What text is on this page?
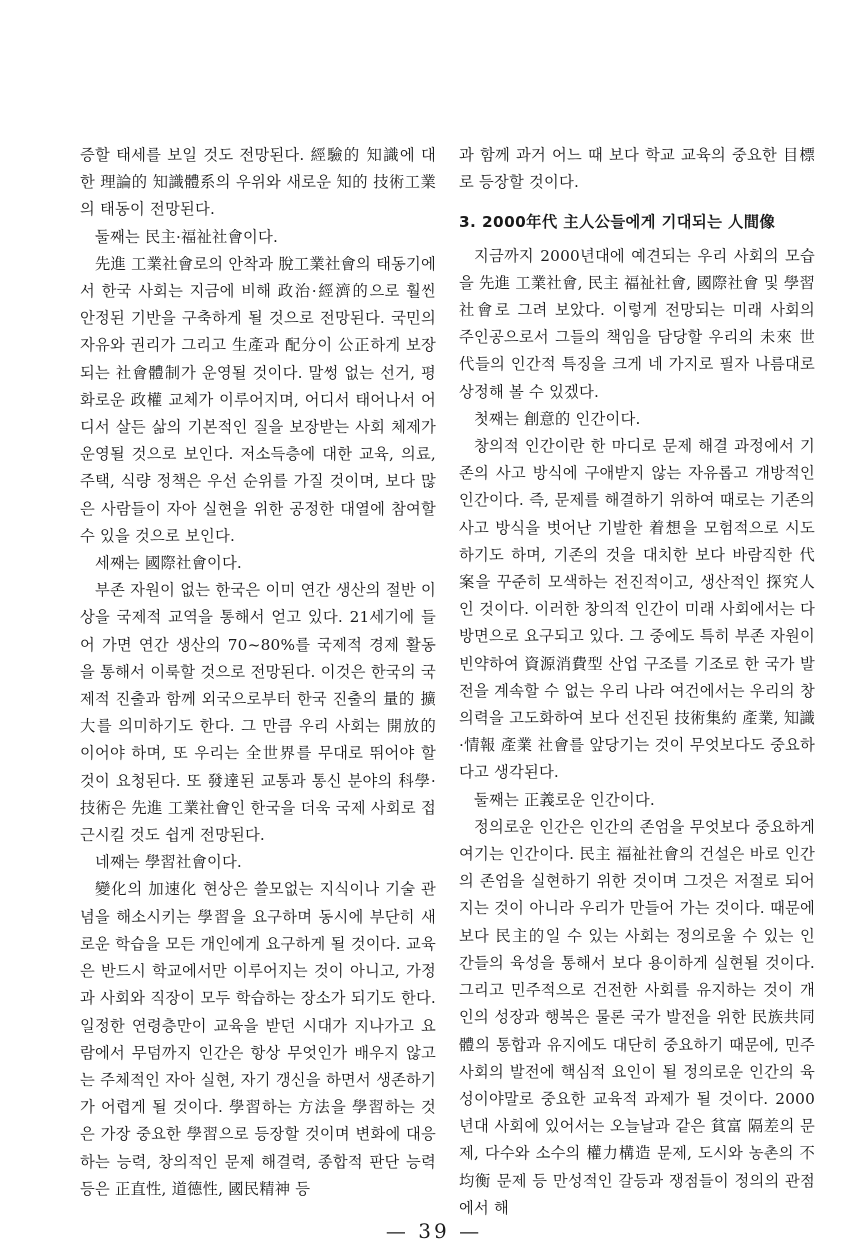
증할 태세를 보일 것도 전망된다. 經驗的 知識에 대한 理論的 知識體系의 우위와 새로운 知的 技術工業의 태동이 전망된다.

둘째는 民主·福祉社會이다.

先進 工業社會로의 안착과 脫工業社會의 태동기에서 한국 사회는 지금에 비해 政治·經濟的으로 훨씬 안정된 기반을 구축하게 될 것으로 전망된다. 국민의 자유와 권리가 그리고 生產과 配分이 公正하게 보장되는 社會體制가 운영될 것이다. 말썽 없는 선거, 평화로운 政權 교체가 이루어지며, 어디서 태어나서 어디서 살든 삶의 기본적인 질을 보장받는 사회 체제가 운영될 것으로 보인다. 저소득층에 대한 교육, 의료, 주택, 식량 정책은 우선 순위를 가질 것이며, 보다 많은 사람들이 자아 실현을 위한 공정한 대열에 참여할 수 있을 것으로 보인다.

세째는 國際社會이다.

부존 자원이 없는 한국은 이미 연간 생산의 절반 이상을 국제적 교역을 통해서 얻고 있다. 21세기에 들어 가면 연간 생산의 70~80%를 국제적 경제 활동을 통해서 이룩할 것으로 전망된다. 이것은 한국의 국제적 진출과 함께 외국으로부터 한국 진출의 量的 擴大를 의미하기도 한다. 그 만큼 우리 사회는 開放的이어야 하며, 또 우리는 全世界를 무대로 뛰어야 할 것이 요청된다. 또 發達된 교통과 통신 분야의 科學·技術은 先進 工業社會인 한국을 더욱 국제 사회로 접근시킬 것도 쉽게 전망된다.

네째는 學習社會이다.

變化의 加速化 현상은 쓸모없는 지식이나 기술 관념을 해소시키는 學習을 요구하며 동시에 부단히 새로운 학습을 모든 개인에게 요구하게 될 것이다. 교육은 반드시 학교에서만 이루어지는 것이 아니고, 가정과 사회와 직장이 모두 학습하는 장소가 되기도 한다. 일정한 연령층만이 교육을 받던 시대가 지나가고 요람에서 무덤까지 인간은 항상 무엇인가 배우지 않고는 주체적인 자아 실현, 자기 갱신을 하면서 생존하기가 어렵게 될 것이다. 學習하는 方法을 學習하는 것은 가장 중요한 學習으로 등장할 것이며 변화에 대응하는 능력, 창의적인 문제 해결력, 종합적 판단 능력 등은 正直性, 道德性, 國民精神 등

과 함께 과거 어느 때 보다 학교 교육의 중요한 目標로 등장할 것이다.

3. 2000年代 主人公들에게 기대되는 人間像

지금까지 2000년대에 예견되는 우리 사회의 모습을 先進 工業社會, 民主 福祉社會, 國際社會 및 學習社會로 그려 보았다. 이렇게 전망되는 미래 사회의 주인공으로서 그들의 책임을 담당할 우리의 未來 世代들의 인간적 특징을 크게 네 가지로 필자 나름대로 상정해 볼 수 있겠다.

첫째는 創意的 인간이다.

창의적 인간이란 한 마디로 문제 해결 과정에서 기존의 사고 방식에 구애받지 않는 자유롭고 개방적인 인간이다. 즉, 문제를 해결하기 위하여 때로는 기존의 사고 방식을 벗어난 기발한 着想을 모험적으로 시도하기도 하며, 기존의 것을 대치한 보다 바람직한 代案을 꾸준히 모색하는 전진적이고, 생산적인 探究人인 것이다. 이러한 창의적 인간이 미래 사회에서는 다방면으로 요구되고 있다. 그 중에도 특히 부존 자원이 빈약하여 資源消費型 산업 구조를 기조로 한 국가 발전을 계속할 수 없는 우리 나라 여건에서는 우리의 창의력을 고도화하여 보다 선진된 技術集約 產業, 知識·情報 產業 社會를 앞당기는 것이 무엇보다도 중요하다고 생각된다.

둘째는 正義로운 인간이다.

정의로운 인간은 인간의 존엄을 무엇보다 중요하게 여기는 인간이다. 民主 福祉社會의 건설은 바로 인간의 존엄을 실현하기 위한 것이며 그것은 저절로 되어지는 것이 아니라 우리가 만들어 가는 것이다. 때문에 보다 民主的일 수 있는 사회는 정의로울 수 있는 인간들의 육성을 통해서 보다 용이하게 실현될 것이다. 그리고 민주적으로 건전한 사회를 유지하는 것이 개인의 성장과 행복은 물론 국가 발전을 위한 民族共同體의 통합과 유지에도 대단히 중요하기 때문에, 민주 사회의 발전에 핵심적 요인이 될 정의로운 인간의 육성이야말로 중요한 교육적 과제가 될 것이다. 2000년대 사회에 있어서는 오늘날과 같은 貧富 隔差의 문제, 다수와 소수의 權力構造 문제, 도시와 농촌의 不均衡 문제 등 만성적인 갈등과 쟁점들이 정의의 관점에서 해

— 39 —
